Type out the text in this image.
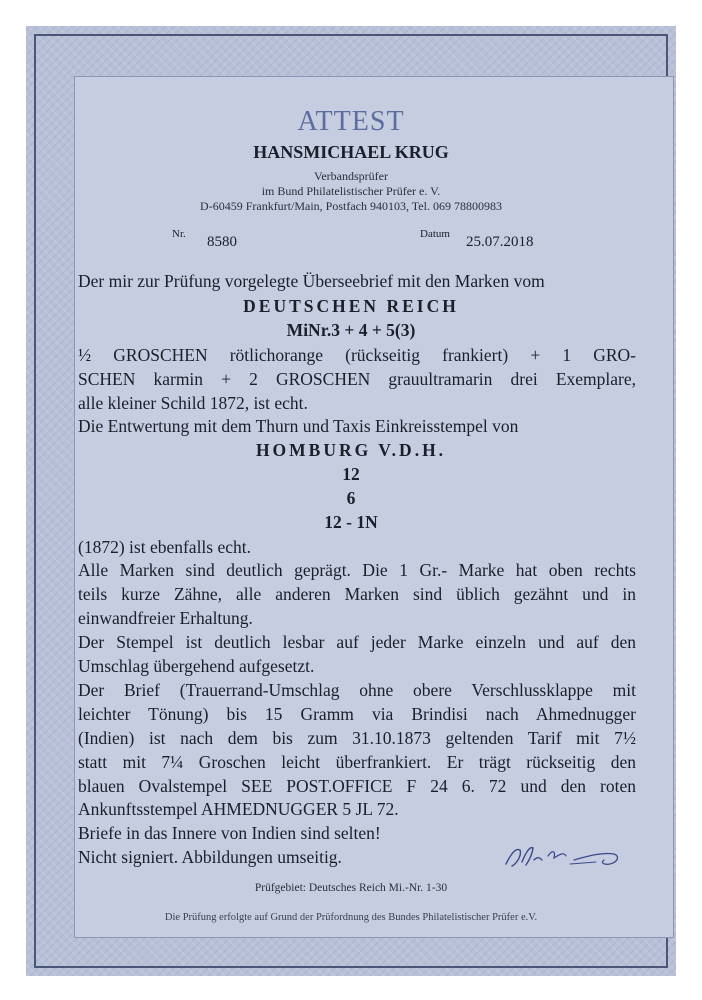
ATTEST
HANSMICHAEL KRUG
Verbandsprüfer
im Bund Philatelistischer Prüfer e. V.
D-60459 Frankfurt/Main, Postfach 940103, Tel. 069 78800983
Nr. 8580	Datum 25.07.2018
Der mir zur Prüfung vorgelegte Überseebrief mit den Marken vom
DEUTSCHEN REICH
MiNr.3 + 4 + 5(3)
½ GROSCHEN rötlichorange (rückseitig frankiert) + 1 GRO-
SCHEN karmin + 2 GROSCHEN grauultramarin drei Exemplare,
alle kleiner Schild 1872, ist echt.
Die Entwertung mit dem Thurn und Taxis Einkreisstempel von
HOMBURG V.D.H.
12
6
12 - 1N
(1872) ist ebenfalls echt.
Alle Marken sind deutlich geprägt. Die 1 Gr.- Marke hat oben rechts
teils kurze Zähne, alle anderen Marken sind üblich gezähnt und in
einwandfreier Erhaltung.
Der Stempel ist deutlich lesbar auf jeder Marke einzeln und auf den
Umschlag übergehend aufgesetzt.
Der Brief (Trauerrand-Umschlag ohne obere Verschlussklappe mit
leichter Tönung) bis 15 Gramm via Brindisi nach Ahmednugger
(Indien) ist nach dem bis zum 31.10.1873 geltenden Tarif mit 7½
statt mit 7¼ Groschen leicht überfrankiert. Er trägt rückseitig den
blauen Ovalstempel SEE POST.OFFICE F 24 6. 72 und den roten
Ankunftsstempel AHMEDNUGGER 5 JL 72.
Briefe in das Innere von Indien sind selten!
Nicht signiert. Abbildungen umseitig.
Prüfgebiet: Deutsches Reich Mi.-Nr. 1-30
Die Prüfung erfolgte auf Grund der Prüfordnung des Bundes Philatelistischer Prüfer e.V.
